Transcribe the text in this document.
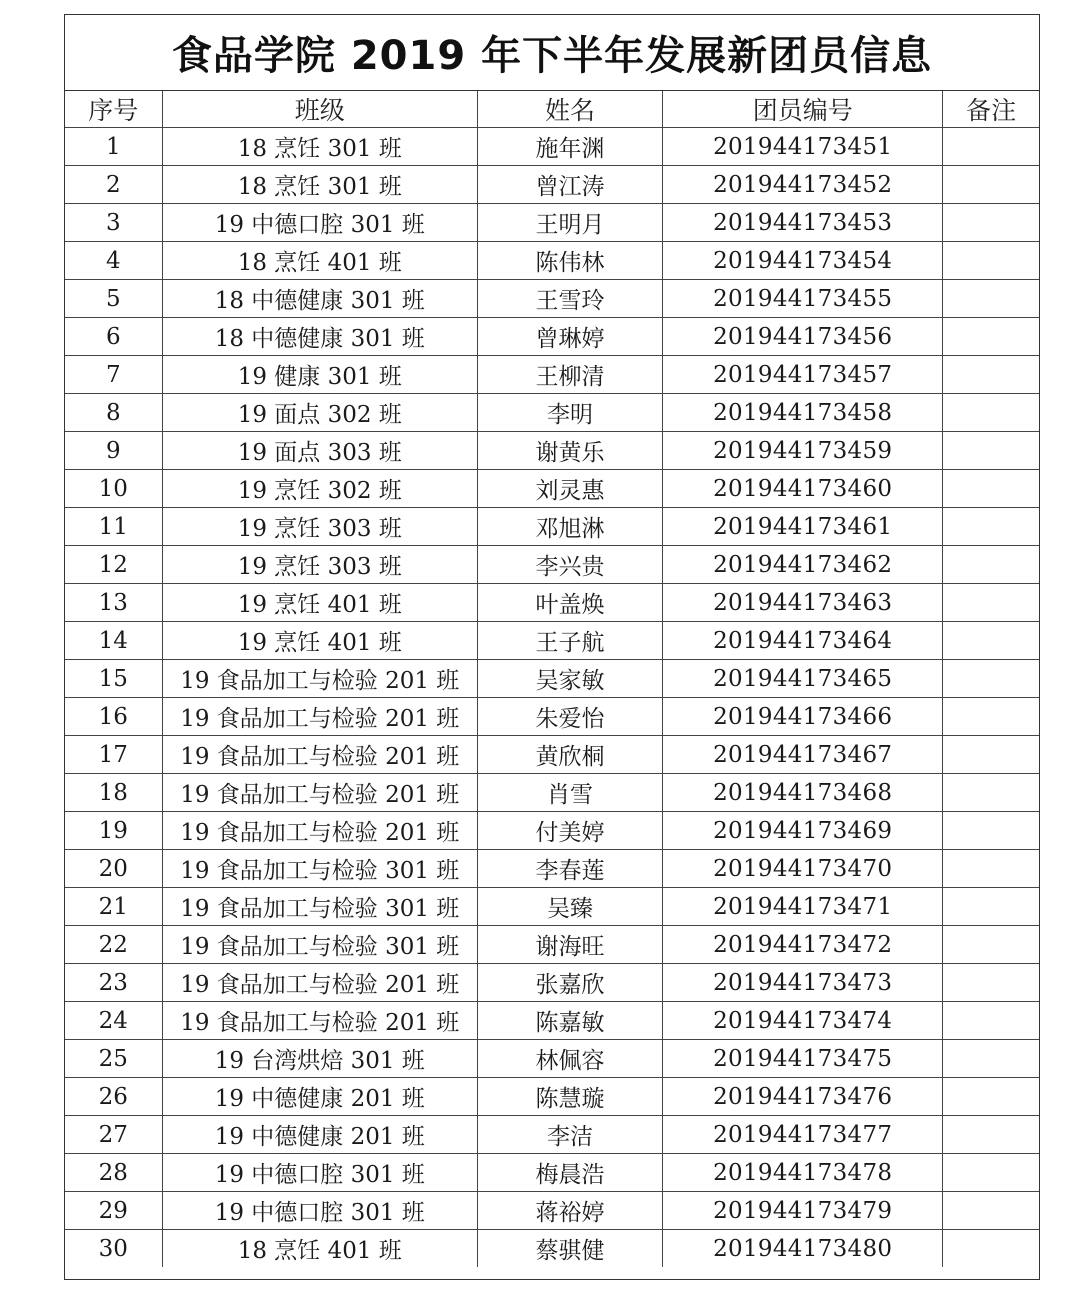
食品学院 2019 年下半年发展新团员信息
序号	班级	姓名	团员编号	备注
1	18 烹饪 301 班	施年渊	201944173451	
2	18 烹饪 301 班	曾江涛	201944173452	
3	19 中德口腔 301 班	王明月	201944173453	
4	18 烹饪 401 班	陈伟林	201944173454	
5	18 中德健康 301 班	王雪玲	201944173455	
6	18 中德健康 301 班	曾琳婷	201944173456	
7	19 健康 301 班	王柳清	201944173457	
8	19 面点 302 班	李明	201944173458	
9	19 面点 303 班	谢黄乐	201944173459	
10	19 烹饪 302 班	刘灵惠	201944173460	
11	19 烹饪 303 班	邓旭淋	201944173461	
12	19 烹饪 303 班	李兴贵	201944173462	
13	19 烹饪 401 班	叶盖焕	201944173463	
14	19 烹饪 401 班	王子航	201944173464	
15	19 食品加工与检验 201 班	吴家敏	201944173465	
16	19 食品加工与检验 201 班	朱爱怡	201944173466	
17	19 食品加工与检验 201 班	黄欣桐	201944173467	
18	19 食品加工与检验 201 班	肖雪	201944173468	
19	19 食品加工与检验 201 班	付美婷	201944173469	
20	19 食品加工与检验 301 班	李春莲	201944173470	
21	19 食品加工与检验 301 班	吴臻	201944173471	
22	19 食品加工与检验 301 班	谢海旺	201944173472	
23	19 食品加工与检验 201 班	张嘉欣	201944173473	
24	19 食品加工与检验 201 班	陈嘉敏	201944173474	
25	19 台湾烘焙 301 班	林佩容	201944173475	
26	19 中德健康 201 班	陈慧璇	201944173476	
27	19 中德健康 201 班	李洁	201944173477	
28	19 中德口腔 301 班	梅晨浩	201944173478	
29	19 中德口腔 301 班	蒋裕婷	201944173479	
30	18 烹饪 401 班	蔡骐健	201944173480	
